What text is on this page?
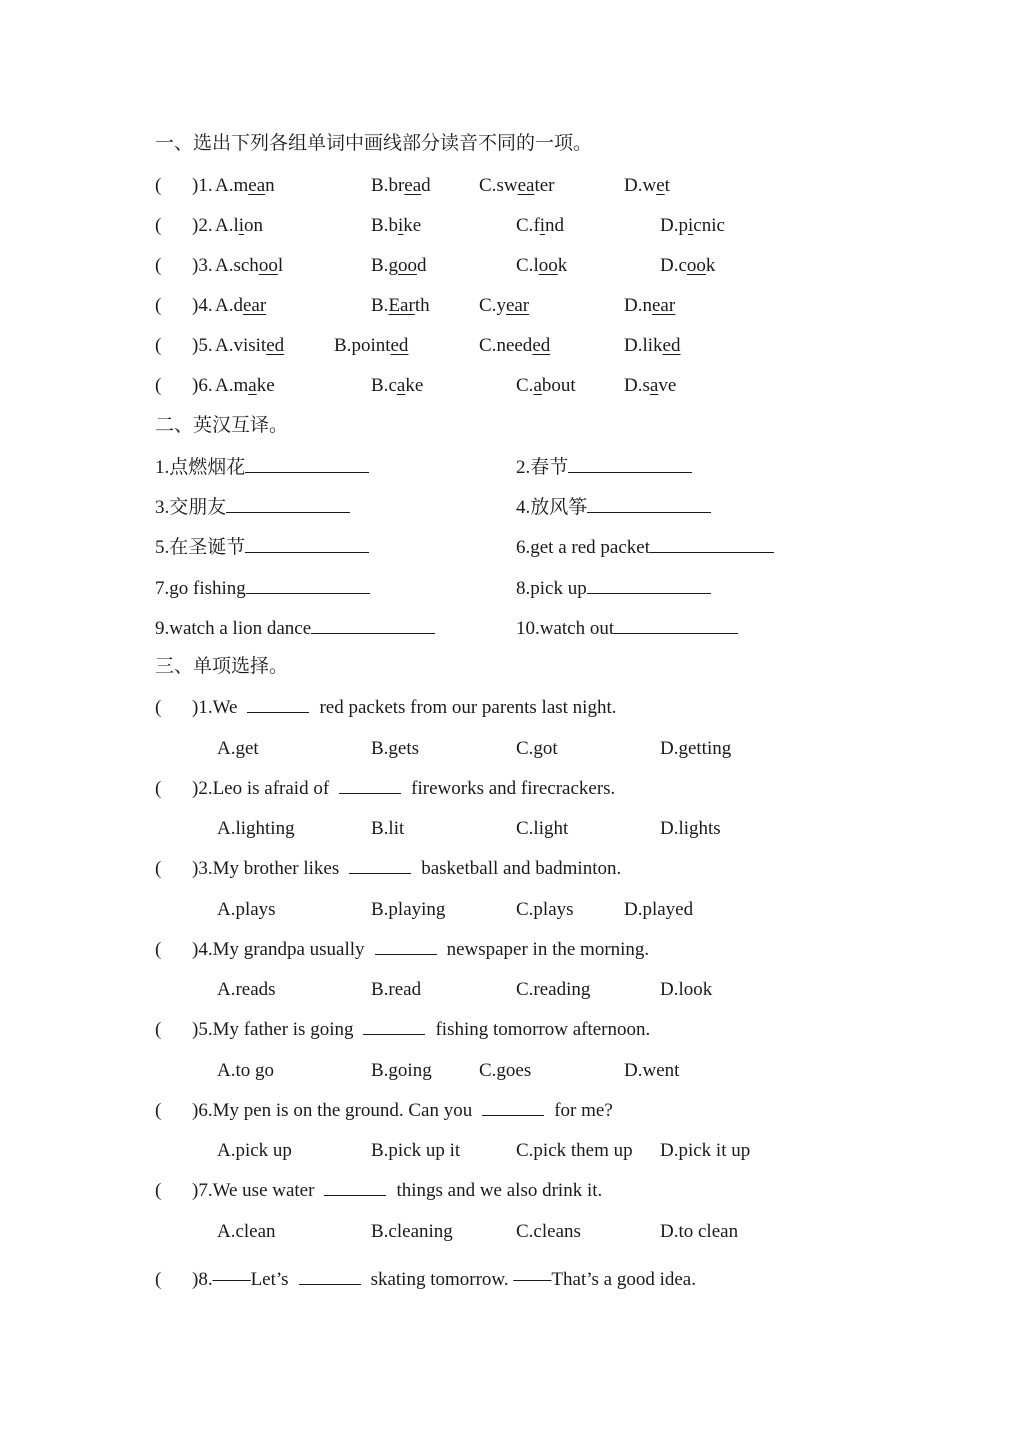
一、选出下列各组单词中画线部分读音不同的一项。
( )1. A.mean	B.bread	C.sweater	D.wet
( )2. A.lion	B.bike	C.find	D.picnic
( )3. A.school	B.good	C.look	D.cook
( )4. A.dear	B.Earth	C.year	D.near
( )5. A.visited	B.pointed	C.needed	D.liked
( )6. A.make	B.cake	C.about	D.save
二、英汉互译。
1.点燃烟花	2.春节
3.交朋友	4.放风筝
5.在圣诞节	6.get a red packet
7.go fishing	8.pick up
9.watch a lion dance	10.watch out
三、单项选择。
( )1.We	red packets from our parents last night.
A.get	B.gets	C.got	D.getting
( )2.Leo is afraid of	fireworks and firecrackers.
A.lighting	B.lit	C.light	D.lights
( )3.My brother likes	basketball and badminton.
A.plays	B.playing	C.plays	D.played
( )4.My grandpa usually	newspaper in the morning.
A.reads	B.read	C.reading	D.look
( )5.My father is going	fishing tomorrow afternoon.
A.to go	B.going C.goes	D.went
( )6.My pen is on the ground. Can you	for me?
A.pick up	B.pick up it	C.pick them up D.pick it up
( )7.We use water	things and we also drink it.
A.clean	B.cleaning	C.cleans	D.to clean
( )8.——Let’s	skating tomorrow. ——That’s a good idea.
